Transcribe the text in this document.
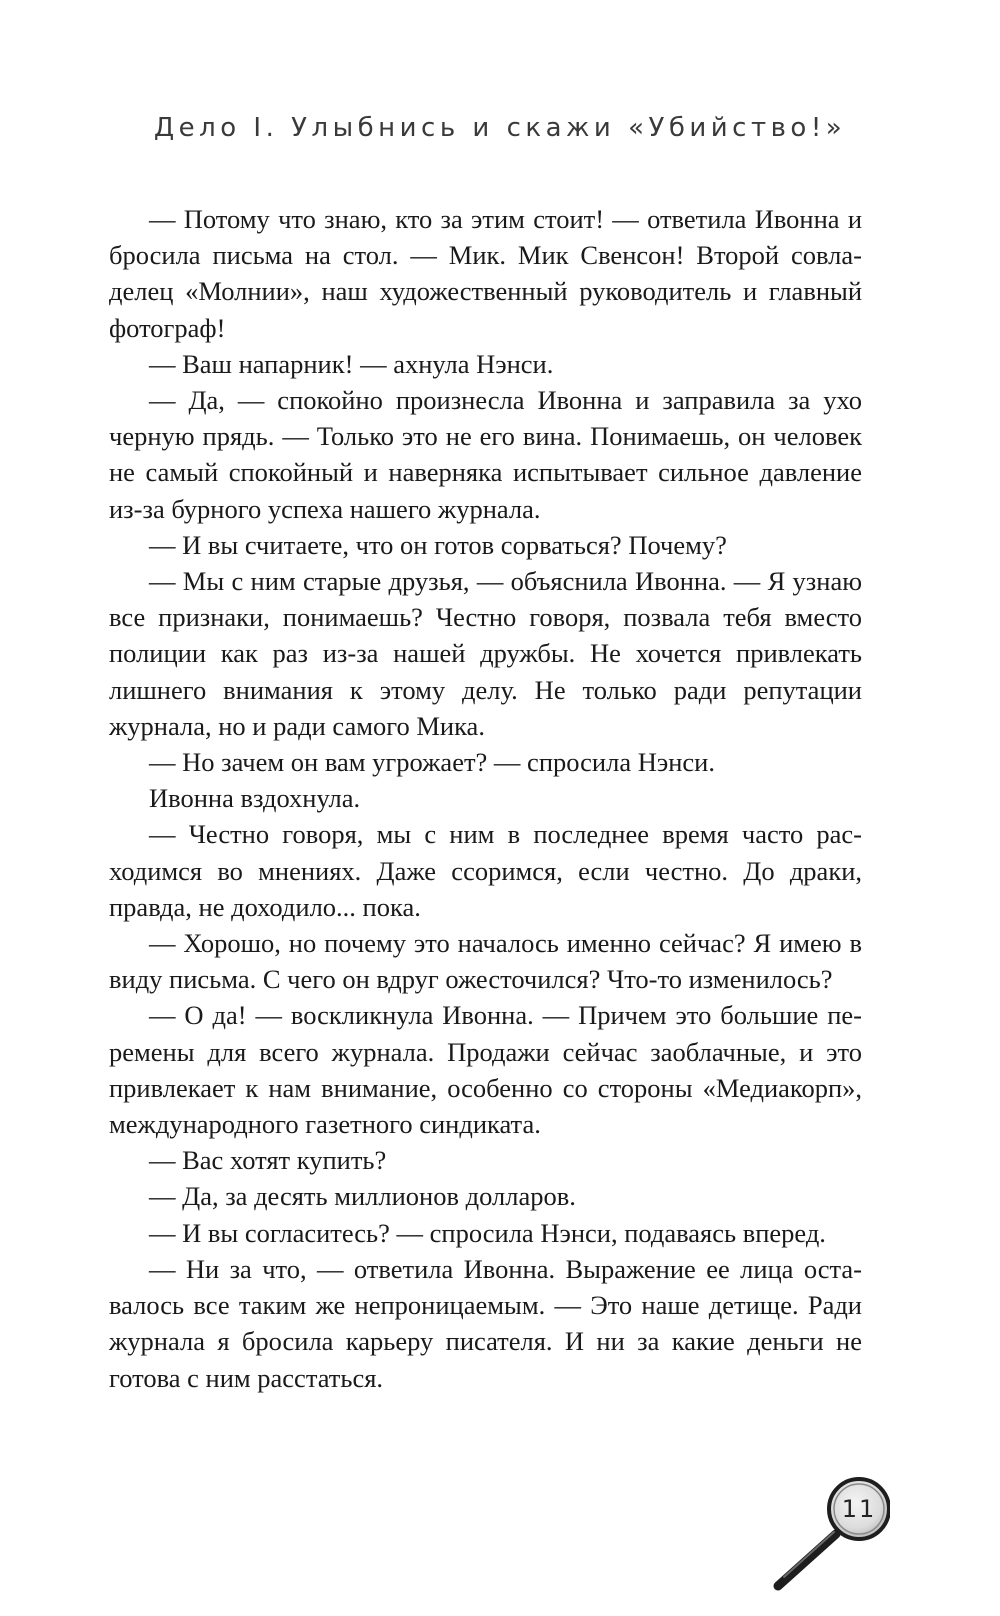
Дело I. Улыбнись и скажи «Убийство!»

— Потому что знаю, кто за этим стоит! — ответила Ивонна и бросила письма на стол. — Мик. Мик Свенсон! Второй совладелец «Молнии», наш художественный руководитель и главный фотограф!

— Ваш напарник! — ахнула Нэнси.

— Да, — спокойно произнесла Ивонна и заправила за ухо черную прядь. — Только это не его вина. Понимаешь, он человек не самый спокойный и наверняка испытывает сильное давление из-за бурного успеха нашего журнала.

— И вы считаете, что он готов сорваться? Почему?

— Мы с ним старые друзья, — объяснила Ивонна. — Я узнаю все признаки, понимаешь? Честно говоря, позвала тебя вместо полиции как раз из-за нашей дружбы. Не хочется привлекать лишнего внимания к этому делу. Не только ради репутации журнала, но и ради самого Мика.

— Но зачем он вам угрожает? — спросила Нэнси.

Ивонна вздохнула.

— Честно говоря, мы с ним в последнее время часто расходимся во мнениях. Даже ссоримся, если честно. До драки, правда, не доходило... пока.

— Хорошо, но почему это началось именно сейчас? Я имею в виду письма. С чего он вдруг ожесточился? Что-то изменилось?

— О да! — воскликнула Ивонна. — Причем это большие перемены для всего журнала. Продажи сейчас заоблачные, и это привлекает к нам внимание, особенно со стороны «Медиакорп», международного газетного синдиката.

— Вас хотят купить?

— Да, за десять миллионов долларов.

— И вы согласитесь? — спросила Нэнси, подаваясь вперед.

— Ни за что, — ответила Ивонна. Выражение ее лица оставалось все таким же непроницаемым. — Это наше детище. Ради журнала я бросила карьеру писателя. И ни за какие деньги не готова с ним расстаться.

11
